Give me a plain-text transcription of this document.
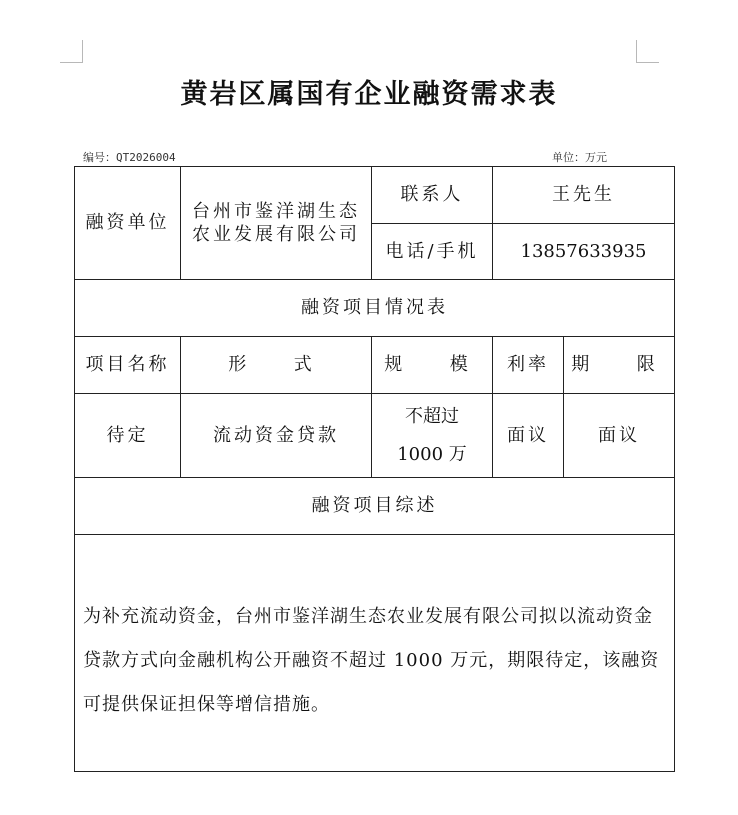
黄岩区属国有企业融资需求表
编号：QT2026004	单位：万元
融资单位	台州市鉴洋湖生态农业发展有限公司	联系人	王先生	
		电话/手机	13857633935	
融资项目情况表				
项目名称	形  式	规  模	利率	期  限
待定	流动资金贷款	不超过1000 万	面议	面议
融资项目综述				
为补充流动资金，台州市鉴洋湖生态农业发展有限公司拟以流动资金贷款方式向金融机构公开融资不超过 1000 万元，期限待定，该融资可提供保证担保等增信措施。				
